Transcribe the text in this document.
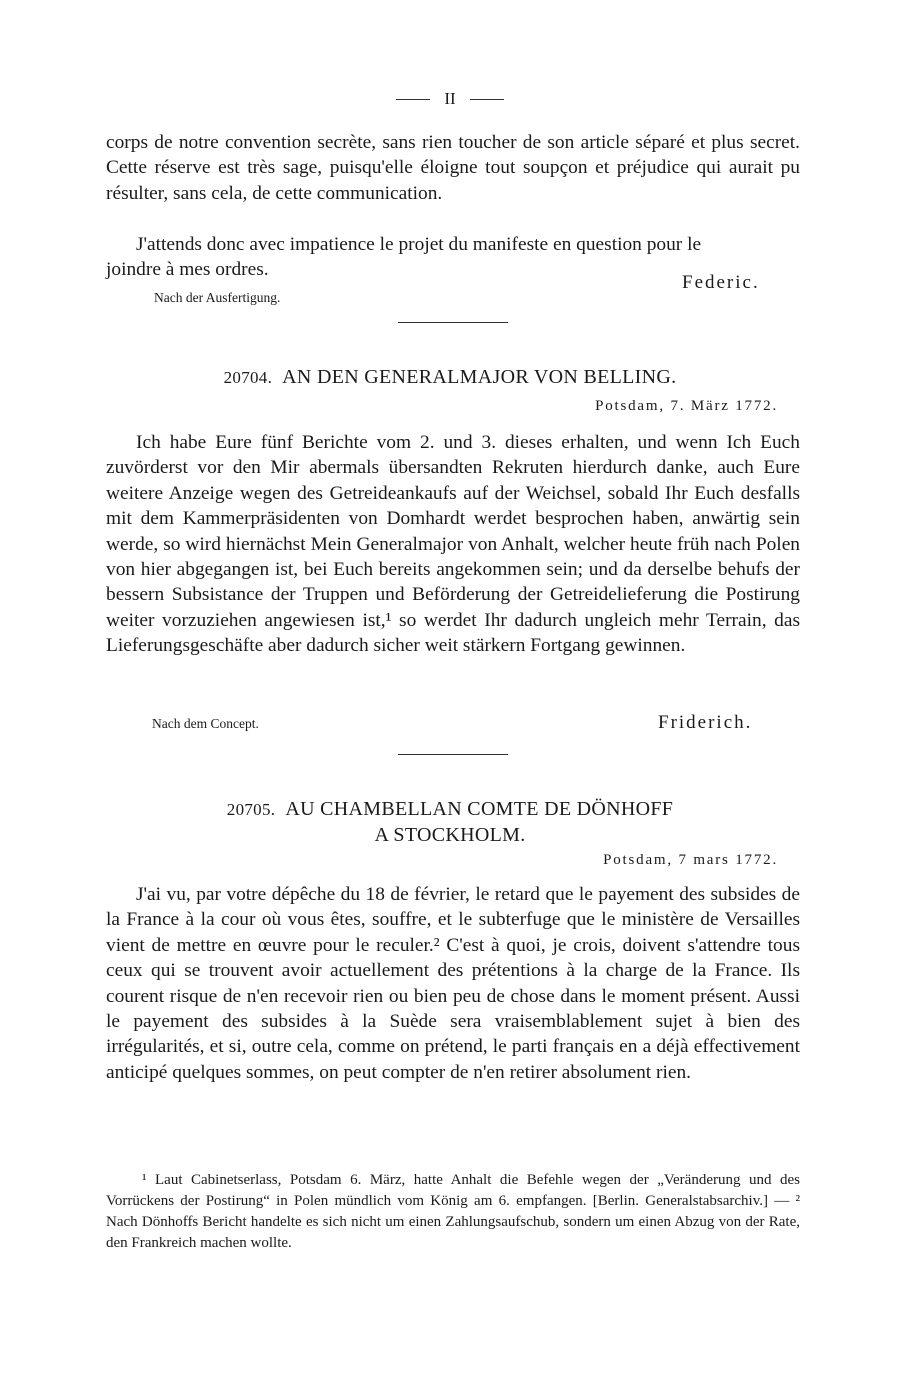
II

corps de notre convention secrète, sans rien toucher de son article séparé et plus secret. Cette réserve est très sage, puisqu'elle éloigne tout soupçon et préjudice qui aurait pu résulter, sans cela, de cette communication.

J'attends donc avec impatience le projet du manifeste en question pour le joindre à mes ordres.

Federic.
Nach der Ausfertigung.
20704. AN DEN GENERALMAJOR VON BELLING.
Potsdam, 7. März 1772.

Ich habe Eure fünf Berichte vom 2. und 3. dieses erhalten, und wenn Ich Euch zuvörderst vor den Mir abermals übersandten Rekruten hierdurch danke, auch Eure weitere Anzeige wegen des Getreideankaufs auf der Weichsel, sobald Ihr Euch desfalls mit dem Kammerpräsidenten von Domhardt werdet besprochen haben, anwärtig sein werde, so wird hiernächst Mein Generalmajor von Anhalt, welcher heute früh nach Polen von hier abgegangen ist, bei Euch bereits angekommen sein; und da derselbe behufs der bessern Subsistance der Truppen und Beförderung der Getreidelieferung die Postirung weiter vorzuziehen angewiesen ist,¹ so werdet Ihr dadurch ungleich mehr Terrain, das Lieferungsgeschäfte aber dadurch sicher weit stärkern Fortgang gewinnen.

Nach dem Concept.	Friderich.
20705. AU CHAMBELLAN COMTE DE DÖNHOFF
A STOCKHOLM.
Potsdam, 7 mars 1772.

J'ai vu, par votre dépêche du 18 de février, le retard que le payement des subsides de la France à la cour où vous êtes, souffre, et le subterfuge que le ministère de Versailles vient de mettre en œuvre pour le reculer.² C'est à quoi, je crois, doivent s'attendre tous ceux qui se trouvent avoir actuellement des prétentions à la charge de la France. Ils courent risque de n'en recevoir rien ou bien peu de chose dans le moment présent. Aussi le payement des subsides à la Suède sera vraisemblablement sujet à bien des irrégularités, et si, outre cela, comme on prétend, le parti français en a déjà effectivement anticipé quelques sommes, on peut compter de n'en retirer absolument rien.

¹ Laut Cabinetserlass, Potsdam 6. März, hatte Anhalt die Befehle wegen der „Veränderung und des Vorrückens der Postirung“ in Polen mündlich vom König am 6. empfangen. [Berlin. Generalstabsarchiv.] — ² Nach Dönhoffs Bericht handelte es sich nicht um einen Zahlungsaufschub, sondern um einen Abzug von der Rate, den Frankreich machen wollte.
